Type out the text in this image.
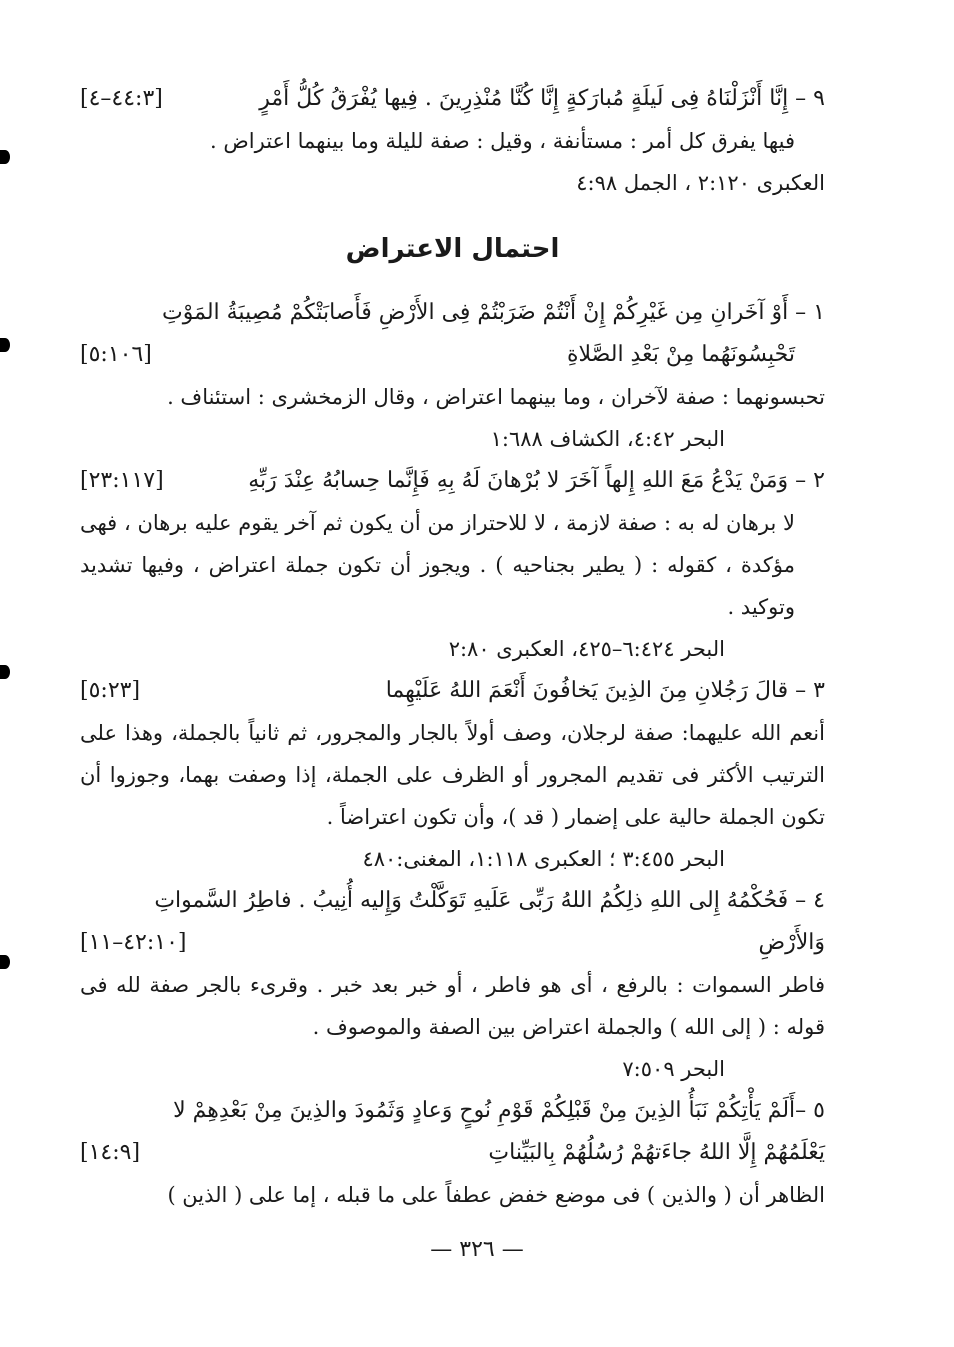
٩ – إِنَّا أَنْزَلْنَاهُ فِى لَيلَةٍ مُبارَكةٍ إِنَّا كُنَّا مُنْذِرِينَ . فِيها يُفْرَقُ كُلُّ أَمْرٍ
[٤٤:٣–٤]
فيها يفرق كل أمر : مستأنفة ، وقيل : صفة لليلة وما بينهما اعتراض .
العكبرى ٢:١٢٠ ، الجمل ٤:٩٨
احتمال الاعتراض
١ – أَوْ آخَرانِ مِن غَيْرِكُمْ إِنْ أَنْتُمْ ضَرَبْتُمْ فِى الأَرْضِ فَأَصابَتْكُمْ مُصِيبَةُ المَوْتِ
تَحْبِسُونَهُما مِنْ بَعْدِ الصَّلاةِ
[٥:١٠٦]
تحبسونهما : صفة لآخران ، وما بينهما اعتراض ، وقال الزمخشرى : استئناف .
البحر ٤:٤٢، الكشاف ١:٦٨٨
٢ – وَمَنْ يَدْعُ مَعَ اللهِ إِلهاً آخَرَ لا بُرْهانَ لَهُ بِهِ فَإِنَّما حِسابُهُ عِنْدَ رَبِّهِ
[٢٣:١١٧]
لا برهان له به : صفة لازمة ، لا للاحتراز من أن يكون ثم آخر يقوم عليه برهان ، فهى مؤكدة ، كقوله : ( يطير بجناحيه ) . ويجوز أن تكون جملة اعتراض ، وفيها تشديد وتوكيد .
البحر ٦:٤٢٤–٤٢٥، العكبرى ٢:٨٠
٣ – قالَ رَجُلانِ مِنَ الذِينَ يَخافُونَ أَنْعَمَ اللهُ عَلَيْهِما
[٥:٢٣]
أنعم الله عليهما: صفة لرجلان، وصف أولاً بالجار والمجرور، ثم ثانياً بالجملة، وهذا على الترتيب الأكثر فى تقديم المجرور أو الظرف على الجملة، إذا وصفت بهما، وجوزوا أن تكون الجملة حالية على إضمار ( قد )، وأن تكون اعتراضاً .
البحر ٣:٤٥٥ ؛ العكبرى ١:١١٨، المغنى:٤٨٠
٤ – فَحُكْمُهُ إِلى اللهِ ذلِكُمُ اللهُ رَبِّى عَلَيهِ تَوَكَّلْتُ وَإِليه أُنِيبُ . فاطِرُ السَّمواتِ
وَالأَرْضِ
[٤٢:١٠–١١]
فاطر السموات : بالرفع ، أى هو فاطر ، أو خبر بعد خبر . وقرىء بالجر صفة لله فى قوله : ( إلى الله ) والجملة اعتراض بين الصفة والموصوف .
البحر ٧:٥٠٩
٥ –أَلَمْ يَأْتِكُمْ نَبَأُ الذِينَ مِنْ قَبْلِكُمْ قَوْمِ نُوحٍ وَعادٍ وَثَمُودَ والذِينَ مِنْ بَعْدِهِمْ لا
يَعْلَمُهُمْ إِلَّا اللهُ جاءَتهُمْ رُسُلُهُمْ بِالبَيِّناتِ
[١٤:٩]
الظاهر أن ( والذين ) فى موضع خفض عطفاً على ما قبله ، إما على ( الذين )
— ٣٢٦ —
